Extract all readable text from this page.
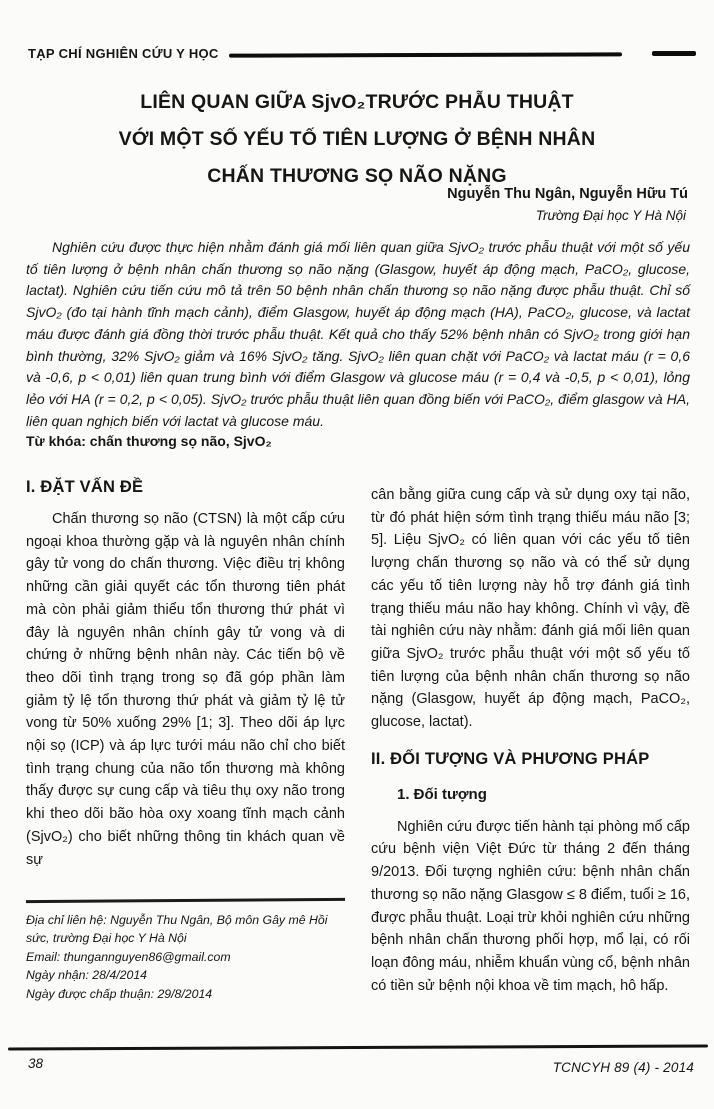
TẠP CHÍ NGHIÊN CỨU Y HỌC
LIÊN QUAN GIỮA SjvO₂TRƯỚC PHẪU THUẬT
VỚI MỘT SỐ YẾU TỐ TIÊN LƯỢNG Ở BỆNH NHÂN
CHẤN THƯƠNG SỌ NÃO NẶNG
Nguyễn Thu Ngân, Nguyễn Hữu Tú
Trường Đại học Y Hà Nội

Nghiên cứu được thực hiện nhằm đánh giá mối liên quan giữa SjvO₂ trước phẫu thuật với một số yếu tố tiên lượng ở bệnh nhân chấn thương sọ não nặng (Glasgow, huyết áp động mạch, PaCO₂, glucose, lactat). Nghiên cứu tiến cứu mô tả trên 50 bệnh nhân chấn thương sọ não nặng được phẫu thuật. Chỉ số SjvO₂ (đo tại hành tĩnh mạch cảnh), điểm Glasgow, huyết áp động mạch (HA), PaCO₂, glucose, và lactat máu được đánh giá đồng thời trước phẫu thuật. Kết quả cho thấy 52% bệnh nhân có SjvO₂ trong giới hạn bình thường, 32% SjvO₂ giảm và 16% SjvO₂ tăng. SjvO₂ liên quan chặt với PaCO₂ và lactat máu (r = 0,6 và -0,6, p < 0,01) liên quan trung bình với điểm Glasgow và glucose máu (r = 0,4 và -0,5, p < 0,01), lỏng lẻo với HA (r = 0,2, p < 0,05). SjvO₂ trước phẫu thuật liên quan đồng biến với PaCO₂, điểm glasgow và HA, liên quan nghịch biến với lactat và glucose máu.

Từ khóa: chấn thương sọ não, SjvO₂
I. ĐẶT VẤN ĐỀ

Chấn thương sọ não (CTSN) là một cấp cứu ngoại khoa thường gặp và là nguyên nhân chính gây tử vong do chấn thương. Việc điều trị không những cần giải quyết các tổn thương tiên phát mà còn phải giảm thiểu tổn thương thứ phát vì đây là nguyên nhân chính gây tử vong và di chứng ở những bệnh nhân này. Các tiến bộ về theo dõi tình trạng trong sọ đã góp phần làm giảm tỷ lệ tổn thương thứ phát và giảm tỷ lệ tử vong từ 50% xuống 29% [1; 3]. Theo dõi áp lực nội sọ (ICP) và áp lực tưới máu não chỉ cho biết tình trạng chung của não tổn thương mà không thấy được sự cung cấp và tiêu thụ oxy não trong khi theo dõi bão hòa oxy xoang tĩnh mạch cảnh (SjvO₂) cho biết những thông tin khách quan về sự

Địa chỉ liên hệ: Nguyễn Thu Ngân, Bộ môn Gây mê Hồi sức, trường Đại học Y Hà Nội

Email: thungannguyen86@gmail.com

Ngày nhận: 28/4/2014

Ngày được chấp thuận: 29/8/2014

cân bằng giữa cung cấp và sử dụng oxy tại não, từ đó phát hiện sớm tình trạng thiếu máu não [3; 5]. Liệu SjvO₂ có liên quan với các yếu tố tiên lượng chấn thương sọ não và có thể sử dụng các yếu tố tiên lượng này hỗ trợ đánh giá tình trạng thiếu máu não hay không. Chính vì vậy, đề tài nghiên cứu này nhằm: đánh giá mối liên quan giữa SjvO₂ trước phẫu thuật với một số yếu tố tiên lượng của bệnh nhân chấn thương sọ não nặng (Glasgow, huyết áp động mạch, PaCO₂, glucose, lactat).

II. ĐỐI TƯỢNG VÀ PHƯƠNG PHÁP
1. Đối tượng

Nghiên cứu được tiến hành tại phòng mổ cấp cứu bệnh viện Việt Đức từ tháng 2 đến tháng 9/2013. Đối tượng nghiên cứu: bệnh nhân chấn thương sọ não nặng Glasgow ≤ 8 điểm, tuổi ≥ 16, được phẫu thuật. Loại trừ khỏi nghiên cứu những bệnh nhân chấn thương phối hợp, mổ lại, có rối loạn đông máu, nhiễm khuẩn vùng cổ, bệnh nhân có tiền sử bệnh nội khoa về tim mạch, hô hấp.

38	TCNCYH 89 (4) - 2014
